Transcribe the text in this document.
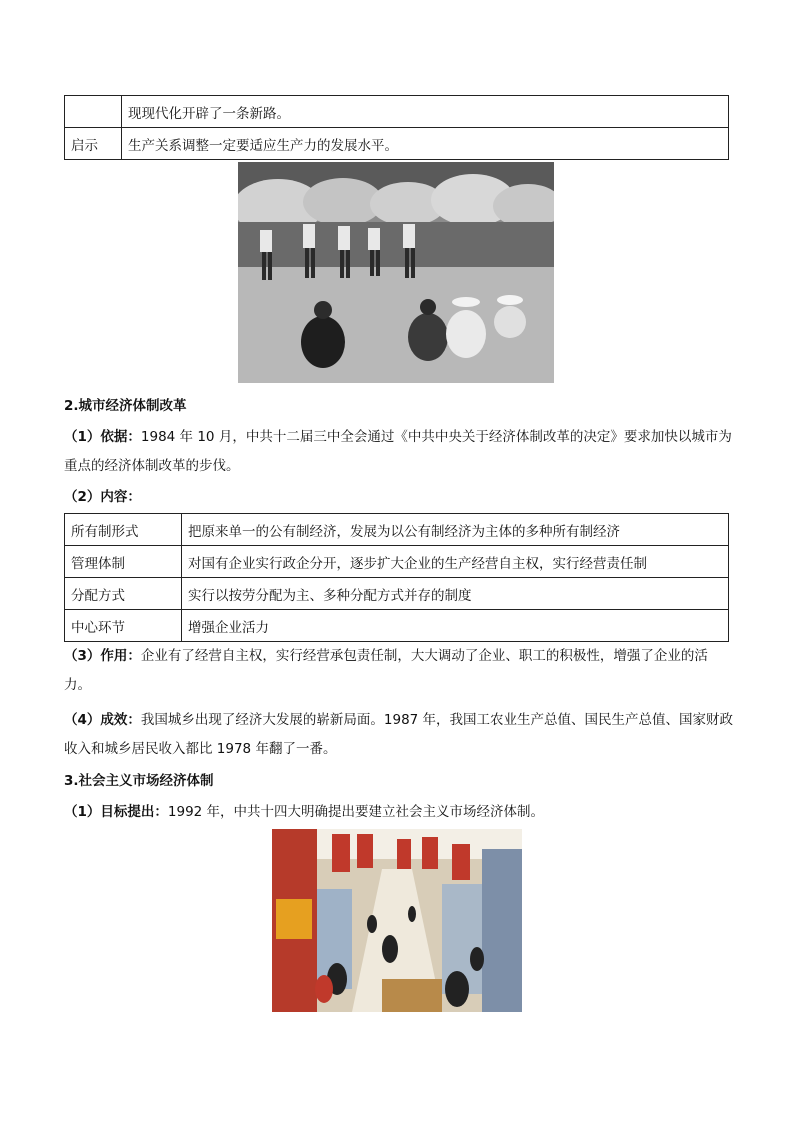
	现现代化开辟了一条新路。
启示	生产关系调整一定要适应生产力的发展水平。
2.城市经济体制改革
（1）依据：1984 年 10 月，中共十二届三中全会通过《中共中央关于经济体制改革的决定》要求加快以城市为重点的经济体制改革的步伐。
（2）内容：
所有制形式	把原来单一的公有制经济，发展为以公有制经济为主体的多种所有制经济
管理体制	对国有企业实行政企分开，逐步扩大企业的生产经营自主权，实行经营责任制
分配方式	实行以按劳分配为主、多种分配方式并存的制度
中心环节	增强企业活力
（3）作用：企业有了经营自主权，实行经营承包责任制，大大调动了企业、职工的积极性，增强了企业的活力。
（4）成效：我国城乡出现了经济大发展的崭新局面。1987 年，我国工农业生产总值、国民生产总值、国家财政收入和城乡居民收入都比 1978 年翻了一番。
3.社会主义市场经济体制
（1）目标提出：1992 年，中共十四大明确提出要建立社会主义市场经济体制。
